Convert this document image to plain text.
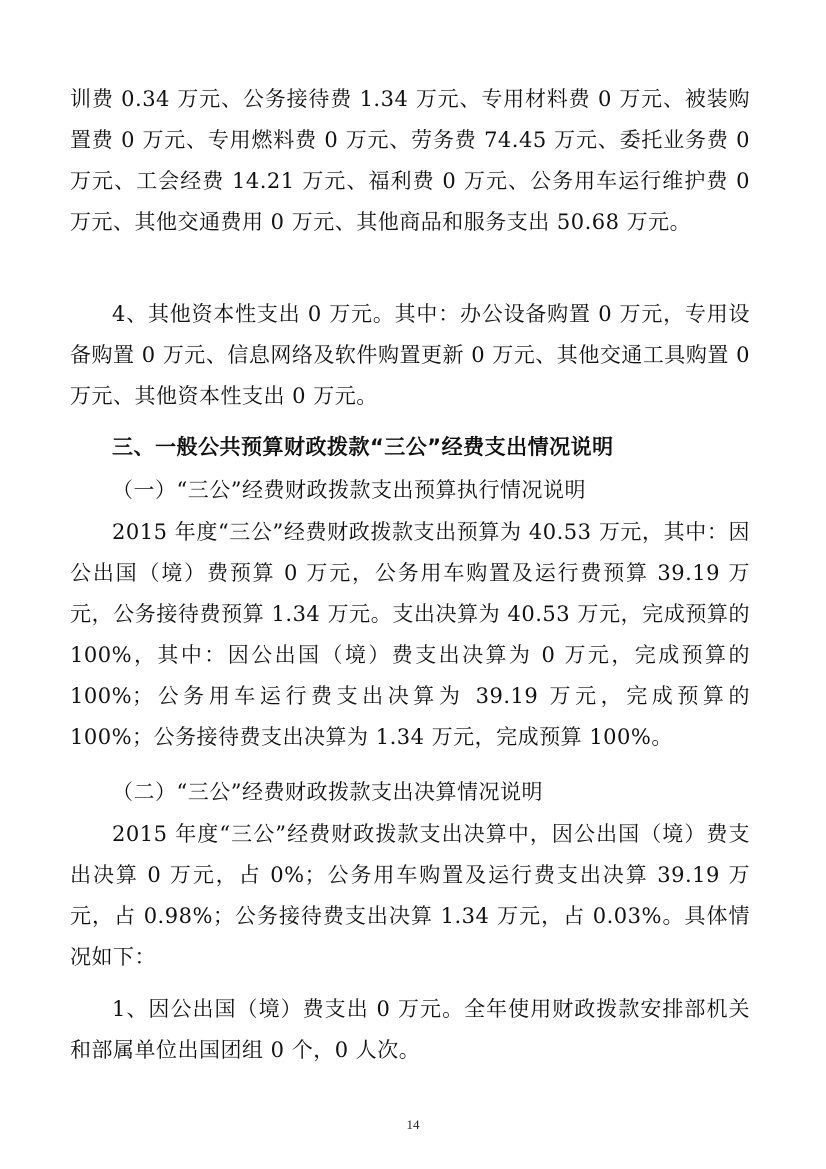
训费 0.34 万元、公务接待费 1.34 万元、专用材料费 0 万元、被装购置费 0 万元、专用燃料费 0 万元、劳务费 74.45 万元、委托业务费 0 万元、工会经费 14.21 万元、福利费 0 万元、公务用车运行维护费 0 万元、其他交通费用 0 万元、其他商品和服务支出 50.68 万元。

4、其他资本性支出 0 万元。其中：办公设备购置 0 万元，专用设备购置 0 万元、信息网络及软件购置更新 0 万元、其他交通工具购置 0 万元、其他资本性支出 0 万元。

三、一般公共预算财政拨款“三公”经费支出情况说明

（一）“三公”经费财政拨款支出预算执行情况说明

2015 年度“三公”经费财政拨款支出预算为 40.53 万元，其中：因公出国（境）费预算 0 万元，公务用车购置及运行费预算 39.19 万元，公务接待费预算 1.34 万元。支出决算为 40.53 万元，完成预算的 100%，其中：因公出国（境）费支出决算为 0 万元，完成预算的 100%；公务用车运行费支出决算为 39.19 万元，完成预算的 100%；公务接待费支出决算为 1.34 万元，完成预算 100%。

（二）“三公”经费财政拨款支出决算情况说明

2015 年度“三公”经费财政拨款支出决算中，因公出国（境）费支出决算 0 万元，占 0%；公务用车购置及运行费支出决算 39.19 万元，占 0.98%；公务接待费支出决算 1.34 万元，占 0.03%。具体情况如下：

1、因公出国（境）费支出 0 万元。全年使用财政拨款安排部机关和部属单位出国团组 0 个，0 人次。

14
